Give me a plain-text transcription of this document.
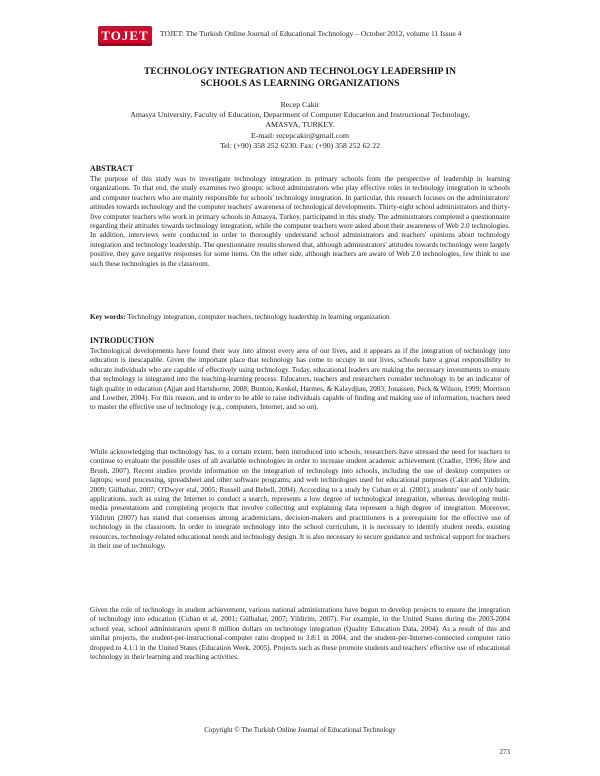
TOJET	TOJET: The Turkish Online Journal of Educational Technology – October 2012, volume 11 Issue 4
TECHNOLOGY INTEGRATION AND TECHNOLOGY LEADERSHIP IN
SCHOOLS AS LEARNING ORGANIZATIONS
Recep Cakir
Amasya University, Faculty of Education, Department of Computer Education and Instructional Technology,
AMASYA, TURKEY.
E-mail: recepcakir@gmail.com
Tel: (+90) 358 252 6230. Fax: (+90) 358 252 62 22
ABSTRACT

The purpose of this study was to investigate technology integration in primary schools from the perspective of leadership in learning organizations. To that end, the study examines two groups: school administrators who play effective roles in technology integration in schools and computer teachers who are mainly responsible for schools' technology integration. In particular, this research focuses on the administrators' attitudes towards technology and the computer teachers' awareness of technological developments. Thirty-eight school administrators and thirty-five computer teachers who work in primary schools in Amasya, Turkey, participated in this study. The administrators completed a questionnaire regarding their attitudes towards technology integration, while the computer teachers were asked about their awareness of Web 2.0 technologies. In addition, interviews were conducted in order to thoroughly understand school administrators and teachers' opinions about technology integration and technology leadership. The questionnaire results showed that, although administrators' attitudes towards technology were largely positive, they gave negative responses for some items. On the other side, although teachers are aware of Web 2.0 technologies, few think to use such these technologies in the classroom.

Key words: Technology integration, computer teachers, technology leadership in learning organization

INTRODUCTION

Technological developments have found their way into almost every area of our lives, and it appears as if the integration of technology into education is inescapable. Given the important place that technology has come to occupy in our lives, schools have a great responsibility to educate individuals who are capable of effectively using technology. Today, educational leaders are making the necessary investments to ensure that technology is integrated into the teaching-learning process. Educators, teachers and researchers consider technology to be an indicator of high quality in education (Ajjan and Hartshorne, 2008; Bunton, Kenkel, Harmes, & Kalaydjian, 2003; Jonassen, Peck & Wilson, 1999; Morrison and Lowther, 2004). For this reason, and in order to be able to raise individuals capable of finding and making use of information, teachers need to master the effective use of technology (e.g., computers, Internet, and so on).

While acknowledging that technology has, to a certain extent, been introduced into schools, researchers have stressed the need for teachers to continue to evaluate the possible uses of all available technologies in order to increase student academic achievement (Cradler, 1996; Hew and Brush, 2007). Recent studies provide information on the integration of technology into schools, including the use of desktop computers or laptops; word processing, spreadsheet and other software programs; and web technologies used for educational purposes (Cakir and Yildirim, 2009; Gülbahar, 2007; O'Dwyer etal, 2005; Russell and Bebell, 2004). According to a study by Cuban et al. (2001), students' use of only basic applications, such as using the Internet to conduct a search, represents a low degree of technological integration, whereas developing multi-media presentations and completing projects that involve collecting and explaining data represent a high degree of integration. Moreover, Yildirim (2007) has stated that consensus among academicians, decision-makers and practitioners is a prerequisite for the effective use of technology in the classroom. In order to integrate technology into the school curriculum, it is necessary to identify student needs, existing resources, technology-related educational needs and technology design. It is also necessary to secure guidance and technical support for teachers in their use of technology.

Given the role of technology in student achievement, various national administrations have begun to develop projects to ensure the integration of technology into education (Cuban et al, 2001; Gülbahar, 2007; Yildirim, 2007). For example, in the United States during the 2003-2004 school year, school administrators spent 8 million dollars on technology integration (Quality Education Data, 2004). As a result of this and similar projects, the student-per-instructional-computer ratio dropped to 3.8:1 in 2004, and the student-per-Internet-connected computer ratio dropped to 4.1:1 in the United States (Education Week, 2005). Projects such as these promote students and teachers' effective use of educational technology in their learning and teaching activities.

Copyright © The Turkish Online Journal of Educational Technology
273
